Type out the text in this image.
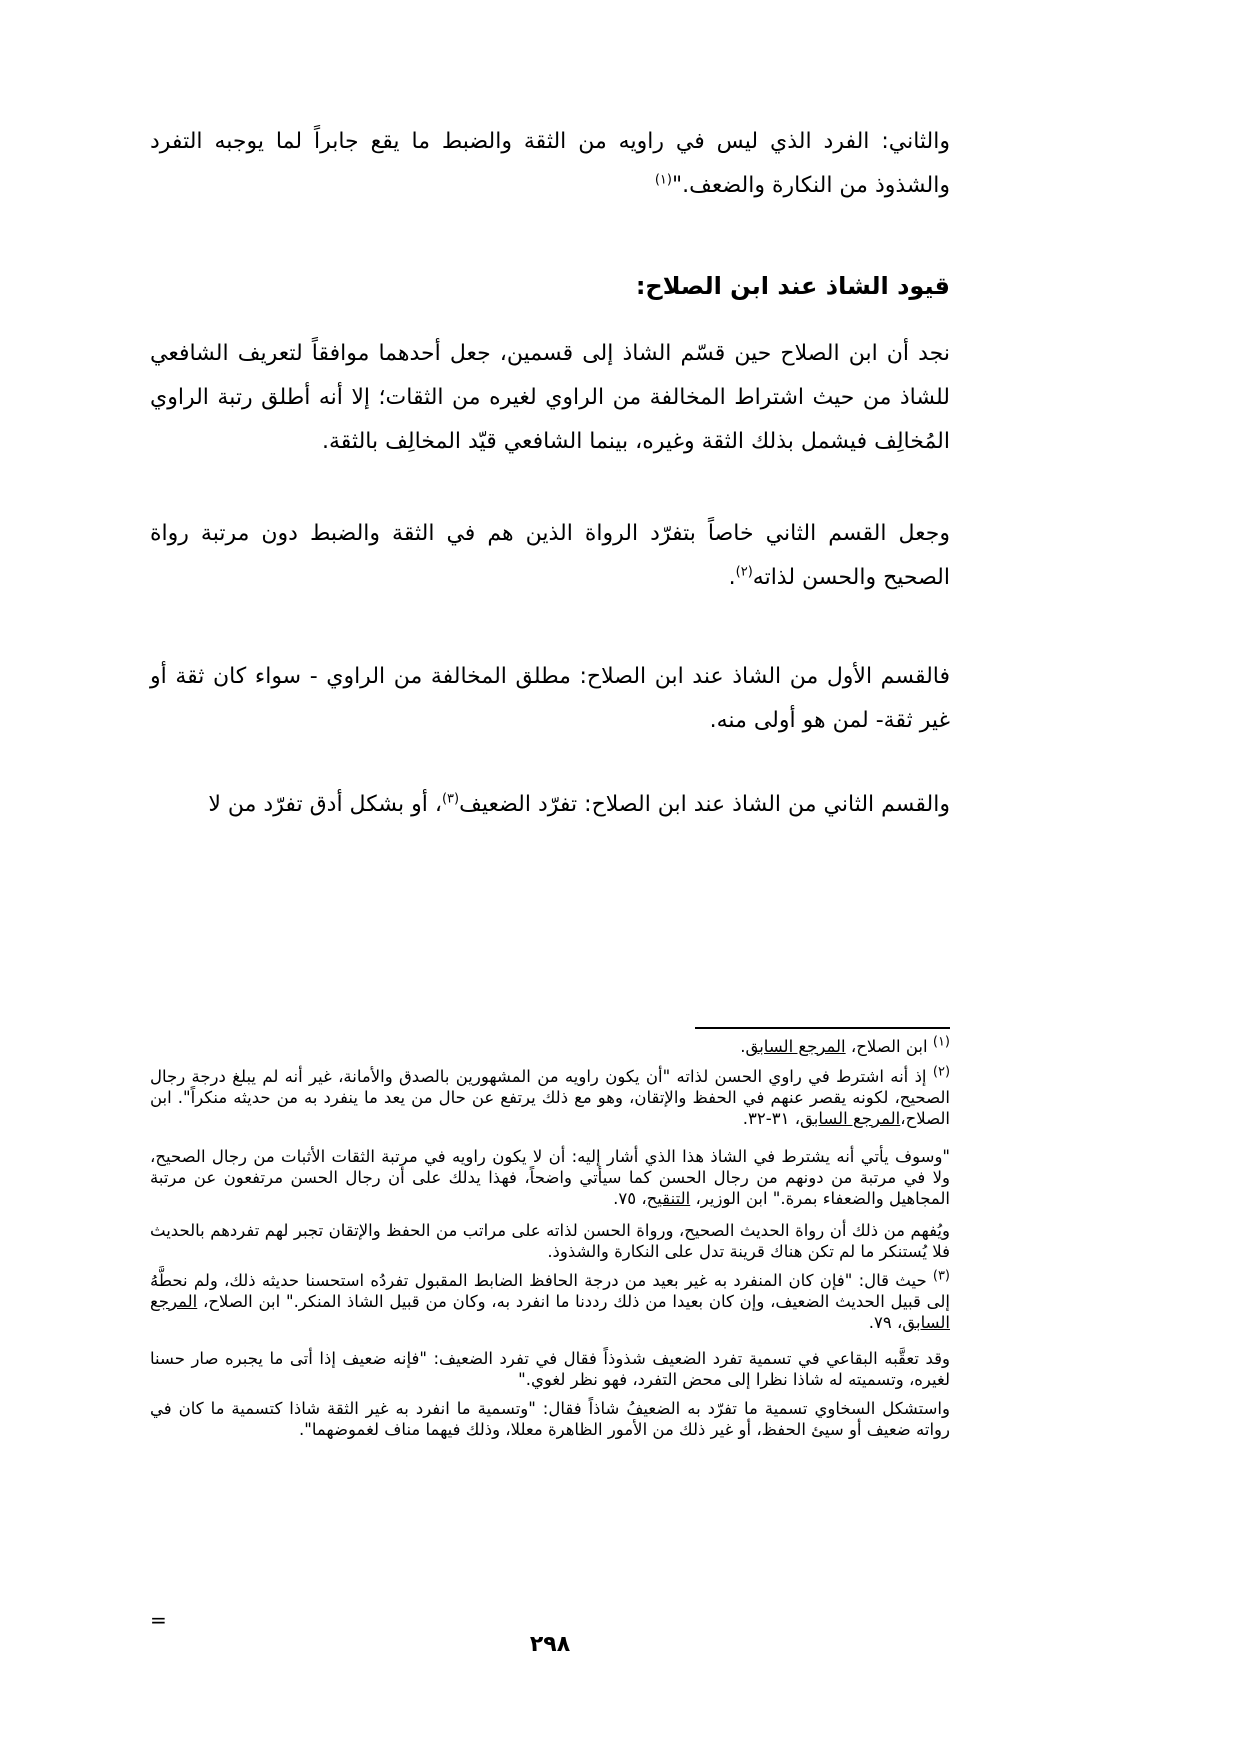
والثاني: الفرد الذي ليس في راويه من الثقة والضبط ما يقع جابراً لما يوجبه التفرد والشذوذ من النكارة والضعف."$^{(١)}$

قيود الشاذ عند ابن الصلاح:

نجد أن ابن الصلاح حين قسّم الشاذ إلى قسمين، جعل أحدهما موافقاً لتعريف الشافعي للشاذ من حيث اشتراط المخالفة من الراوي لغيره من الثقات؛ إلا أنه أطلق رتبة الراوي المُخالِف فيشمل بذلك الثقة وغيره، بينما الشافعي قيّد المخالِف بالثقة.

وجعل القسم الثاني خاصاً بتفرّد الرواة الذين هم في الثقة والضبط دون مرتبة رواة الصحيح والحسن لذاته$^{(٢)}$.

فالقسم الأول من الشاذ عند ابن الصلاح: مطلق المخالفة من الراوي - سواء كان ثقة أو غير ثقة- لمن هو أولى منه.

والقسم الثاني من الشاذ عند ابن الصلاح: تفرّد الضعيف$^{(٣)}$، أو بشكل أدق تفرّد من لا

$^{(١)}$ ابن الصلاح، المرجع السابق.

$^{(٢)}$ إذ أنه اشترط في راوي الحسن لذاته "أن يكون راويه من المشهورين بالصدق والأمانة، غير أنه لم يبلغ درجة رجال الصحيح، لكونه يقصر عنهم في الحفظ والإتقان، وهو مع ذلك يرتفع عن حال من يعد ما ينفرد به من حديثه منكراً". ابن الصلاح،المرجع السابق، ٣١-٣٢.

"وسوف يأتي أنه يشترط في الشاذ هذا الذي أشار إليه: أن لا يكون راويه في مرتبة الثقات الأثبات من رجال الصحيح، ولا في مرتبة من دونهم من رجال الحسن كما سيأتي واضحاً، فهذا يدلك على أن رجال الحسن مرتفعون عن مرتبة المجاهيل والضعفاء بمرة." ابن الوزير، التنقيح، ٧٥.

ويُفهم من ذلك أن رواة الحديث الصحيح، ورواة الحسن لذاته على مراتب من الحفظ والإتقان تجبر لهم تفردهم بالحديث فلا يُستنكر ما لم تكن هناك قرينة تدل على النكارة والشذوذ.

$^{(٣)}$ حيث قال: "فإن كان المنفرد به غير بعيد من درجة الحافظ الضابط المقبول تفردُه استحسنا حديثه ذلك، ولم نحطَّهُ إلى قبيل الحديث الضعيف، وإن كان بعيدا من ذلك رددنا ما انفرد به، وكان من قبيل الشاذ المنكر." ابن الصلاح، المرجع السابق، ٧٩.

وقد تعقَّبه البقاعي في تسمية تفرد الضعيف شذوذاً فقال في تفرد الضعيف: "فإنه ضعيف إذا أتى ما يجبره صار حسنا لغيره، وتسميته له شاذا نظرا إلى محض التفرد، فهو نظر لغوي."

واستشكل السخاوي تسمية ما تفرّد به الضعيفُ شاذاً فقال: "وتسمية ما انفرد به غير الثقة شاذا كتسمية ما كان في رواته ضعيف أو سيئ الحفظ، أو غير ذلك من الأمور الظاهرة معللا، وذلك فيهما مناف لغموضهما".

=
٢٩٨
